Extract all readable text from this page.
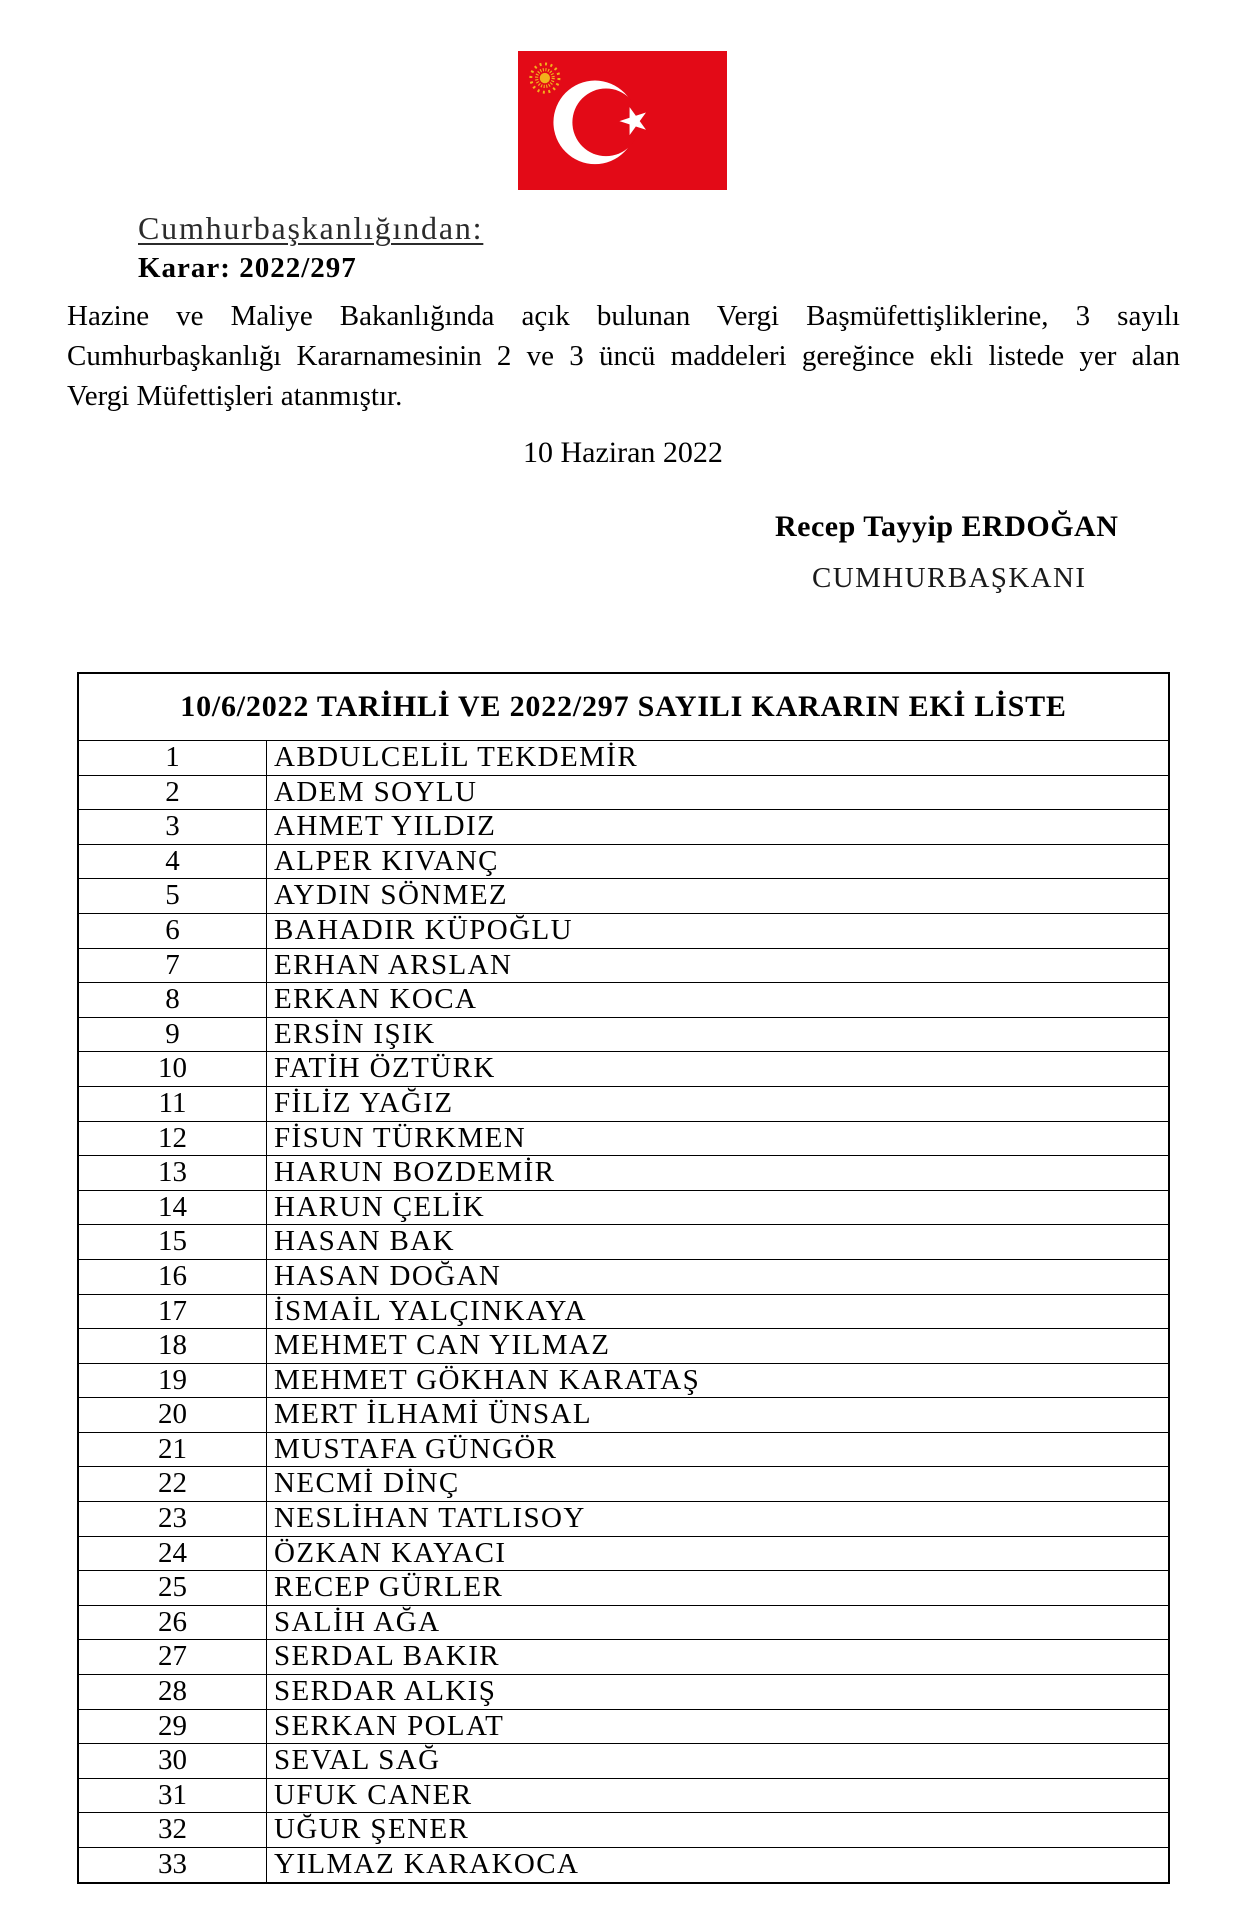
Cumhurbaşkanlığından:
Karar: 2022/297
Hazine ve Maliye Bakanlığında açık bulunan Vergi Başmüfettişliklerine, 3 sayılı
Cumhurbaşkanlığı Kararnamesinin 2 ve 3 üncü maddeleri gereğince ekli listede yer alan
Vergi Müfettişleri atanmıştır.
10 Haziran 2022
Recep Tayyip ERDOĞAN
CUMHURBAŞKANI
10/6/2022 TARİHLİ VE 2022/297 SAYILI KARARIN EKİ LİSTE
1	ABDULCELİL TEKDEMİR
2	ADEM SOYLU
3	AHMET YILDIZ
4	ALPER KIVANÇ
5	AYDIN SÖNMEZ
6	BAHADIR KÜPOĞLU
7	ERHAN ARSLAN
8	ERKAN KOCA
9	ERSİN IŞIK
10	FATİH ÖZTÜRK
11	FİLİZ YAĞIZ
12	FİSUN TÜRKMEN
13	HARUN BOZDEMİR
14	HARUN ÇELİK
15	HASAN BAK
16	HASAN DOĞAN
17	İSMAİL YALÇINKAYA
18	MEHMET CAN YILMAZ
19	MEHMET GÖKHAN KARATAŞ
20	MERT İLHAMİ ÜNSAL
21	MUSTAFA GÜNGÖR
22	NECMİ DİNÇ
23	NESLİHAN TATLISOY
24	ÖZKAN KAYACI
25	RECEP GÜRLER
26	SALİH AĞA
27	SERDAL BAKIR
28	SERDAR ALKIŞ
29	SERKAN POLAT
30	SEVAL SAĞ
31	UFUK CANER
32	UĞUR ŞENER
33	YILMAZ KARAKOCA
